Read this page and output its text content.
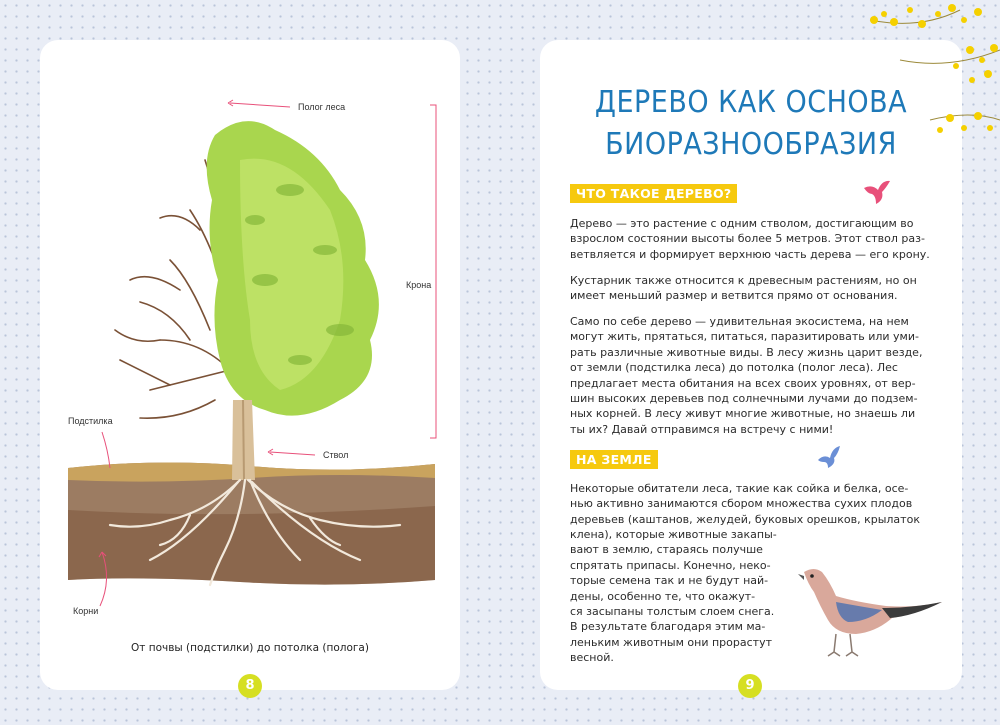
Полог леса
Крона
Подстилка
Ствол
Корни
От почвы (подстилки) до потолка (полога)
8
ДЕРЕВО КАК ОСНОВА
БИОРАЗНООБРАЗИЯ
ЧТО ТАКОЕ ДЕРЕВО?

Дерево — это растение с одним стволом, достигающим во
взрослом состоянии высоты более 5 метров. Этот ствол раз-
ветвляется и формирует верхнюю часть дерева — его крону.

Кустарник также относится к древесным растениям, но он
имеет меньший размер и ветвится прямо от основания.

Само по себе дерево — удивительная экосистема, на нем
могут жить, прятаться, питаться, паразитировать или уми-
рать различные животные виды. В лесу жизнь царит везде,
от земли (подстилка леса) до потолка (полог леса). Лес
предлагает места обитания на всех своих уровнях, от вер-
шин высоких деревьев под солнечными лучами до подзем-
ных корней. В лесу живут многие животные, но знаешь ли
ты их? Давай отправимся на встречу с ними!

НА ЗЕМЛЕ

Некоторые обитатели леса, такие как сойка и белка, осе-
нью активно занимаются сбором множества сухих плодов
деревьев (каштанов, желудей, буковых орешков, крылаток

клена), которые животные закапы-
вают в землю, стараясь получше
спрятать припасы. Конечно, неко-
торые семена так и не будут най-
дены, особенно те, что окажут-
ся засыпаны толстым слоем снега.
В результате благодаря этим ма-
леньким животным они прорастут
весной.

9
